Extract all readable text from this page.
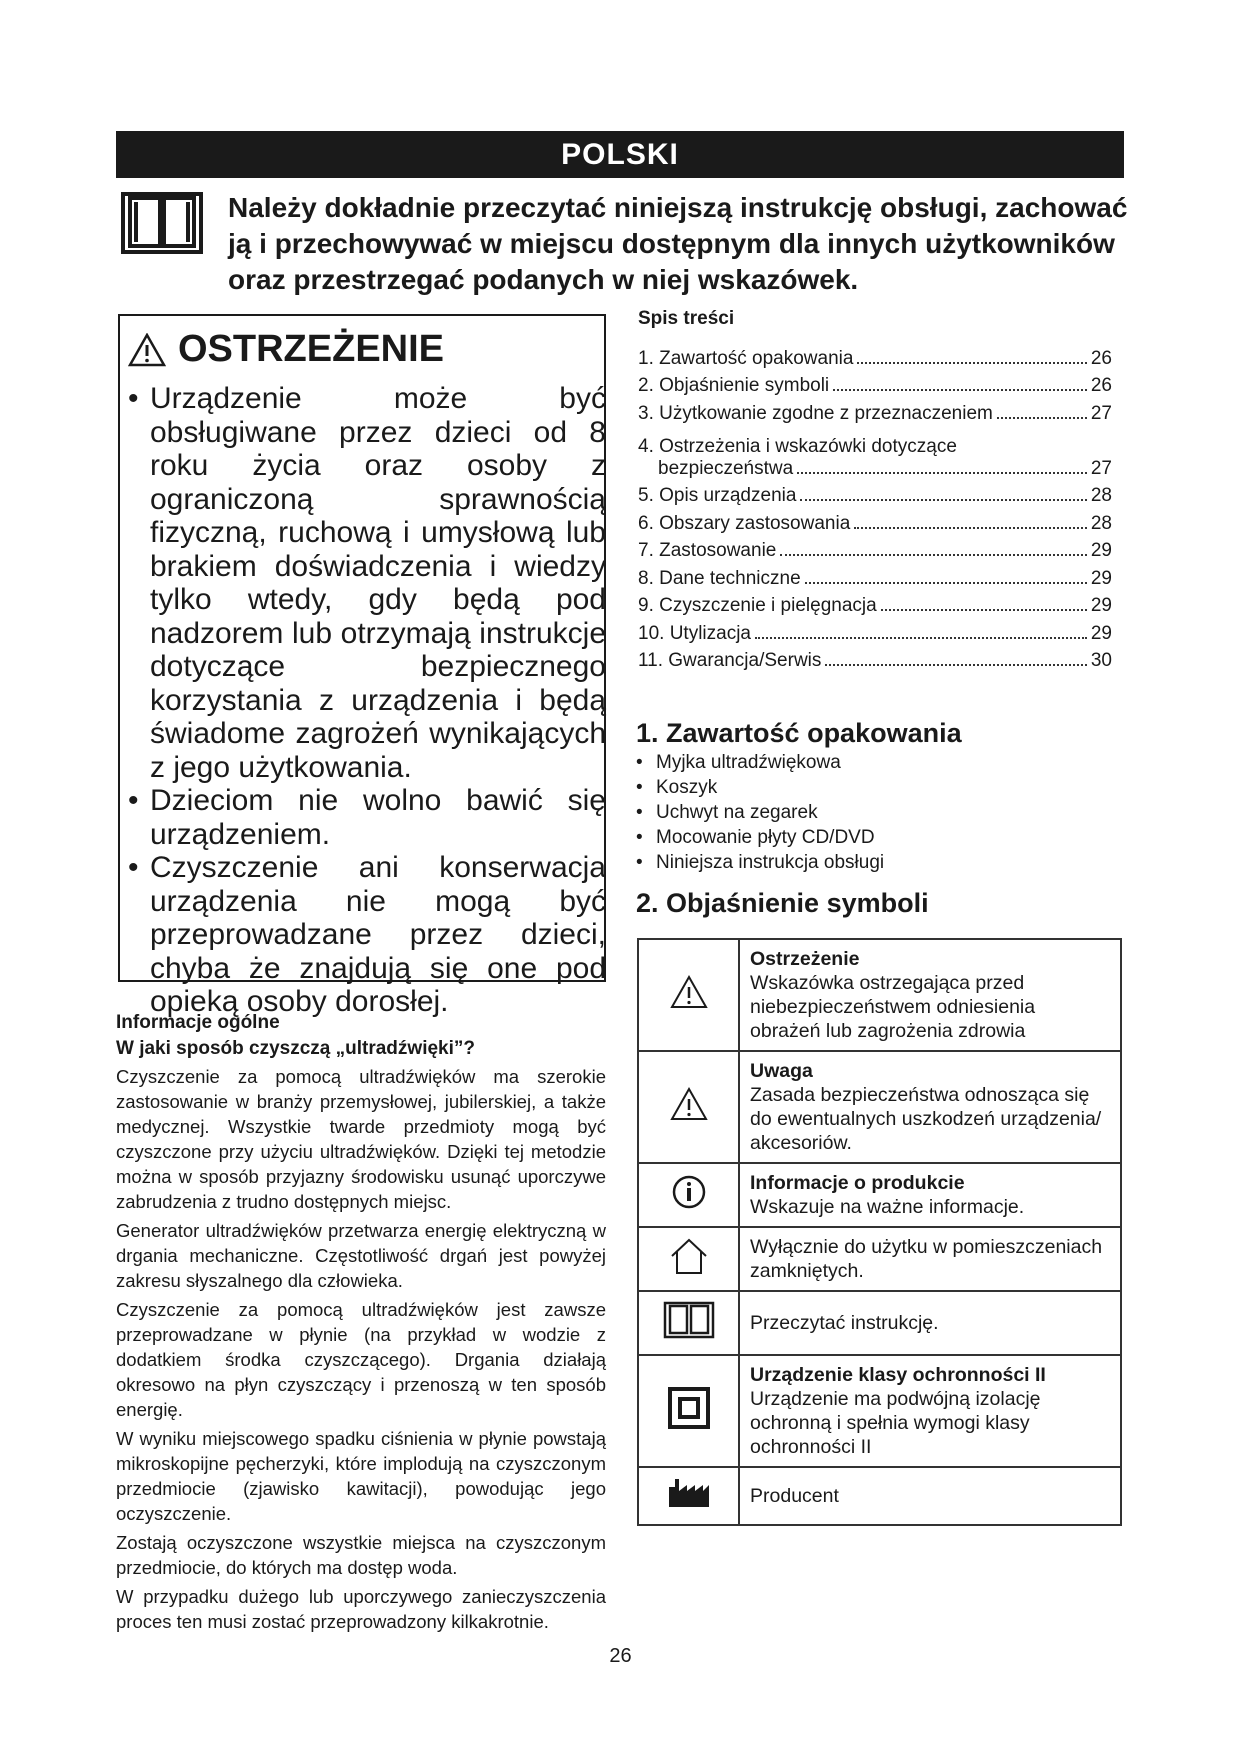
POLSKI
Należy dokładnie przeczytać niniejszą instrukcję obsługi, zachować ją i przechowywać w miejscu dostępnym dla innych użytkowników oraz przestrzegać podanych w niej wskazówek.
OSTRZEŻENIE
• Urządzenie może być obsługiwane przez dzieci od 8 roku życia oraz osoby z ograniczoną sprawnością fizyczną, ruchową i umysłową lub brakiem doświadczenia i wiedzy tylko wtedy, gdy będą pod nadzorem lub otrzymają instrukcje dotyczące bezpiecznego korzystania z urządzenia i będą świadome zagrożeń wynikających z jego użytkowania.
• Dzieciom nie wolno bawić się urządzeniem.
• Czyszczenie ani konserwacja urządzenia nie mogą być przeprowadzane przez dzieci, chyba że znajdują się one pod opieką osoby dorosłej.
Informacje ogólne
W jaki sposób czyszczą „ultradźwięki”?

Czyszczenie za pomocą ultradźwięków ma szerokie zastosowanie w branży przemysłowej, jubilerskiej, a także medycznej. Wszystkie twarde przedmioty mogą być czyszczone przy użyciu ultradźwięków. Dzięki tej metodzie można w sposób przyjazny środowisku usunąć uporczywe zabrudzenia z trudno dostępnych miejsc.

Generator ultradźwięków przetwarza energię elektryczną w drgania mechaniczne. Częstotliwość drgań jest powyżej zakresu słyszalnego dla człowieka.

Czyszczenie za pomocą ultradźwięków jest zawsze przeprowadzane w płynie (na przykład w wodzie z dodatkiem środka czyszczącego). Drgania działają okresowo na płyn czyszczący i przenoszą w ten sposób energię.

W wyniku miejscowego spadku ciśnienia w płynie powstają mikroskopijne pęcherzyki, które implodują na czyszczonym przedmiocie (zjawisko kawitacji), powodując jego oczyszczenie.

Zostają oczyszczone wszystkie miejsca na czyszczonym przedmiocie, do których ma dostęp woda.

W przypadku dużego lub uporczywego zanieczyszczenia proces ten musi zostać przeprowadzony kilkakrotnie.

Spis treści
1. Zawartość opakowania	26
2. Objaśnienie symboli	26
3. Użytkowanie zgodne z przeznaczeniem	27
4. Ostrzeżenia i wskazówki dotyczące
bezpieczeństwa	27
5. Opis urządzenia	28
6. Obszary zastosowania	28
7. Zastosowanie	29
8. Dane techniczne	29
9. Czyszczenie i pielęgnacja	29
10. Utylizacja	29
11. Gwarancja/Serwis	30
1. Zawartość opakowania
• Myjka ultradźwiękowa
• Koszyk
• Uchwyt na zegarek
• Mocowanie płyty CD/DVD
• Niniejsza instrukcja obsługi
2. Objaśnienie symboli

Ostrzeżenie
Wskazówka ostrzegająca przed niebezpieczeństwem odniesienia obrażeń lub zagrożenia zdrowia

Uwaga
Zasada bezpieczeństwa odnosząca się do ewentualnych uszkodzeń urządzenia/ akcesoriów.

Informacje o produkcie
Wskazuje na ważne informacje.
	Wyłącznie do użytku w pomieszczeniach zamkniętych.
	Przeczytać instrukcję.

Urządzenie klasy ochronności II
Urządzenie ma podwójną izolację ochronną i spełnia wymogi klasy ochronności II
	Producent
26
